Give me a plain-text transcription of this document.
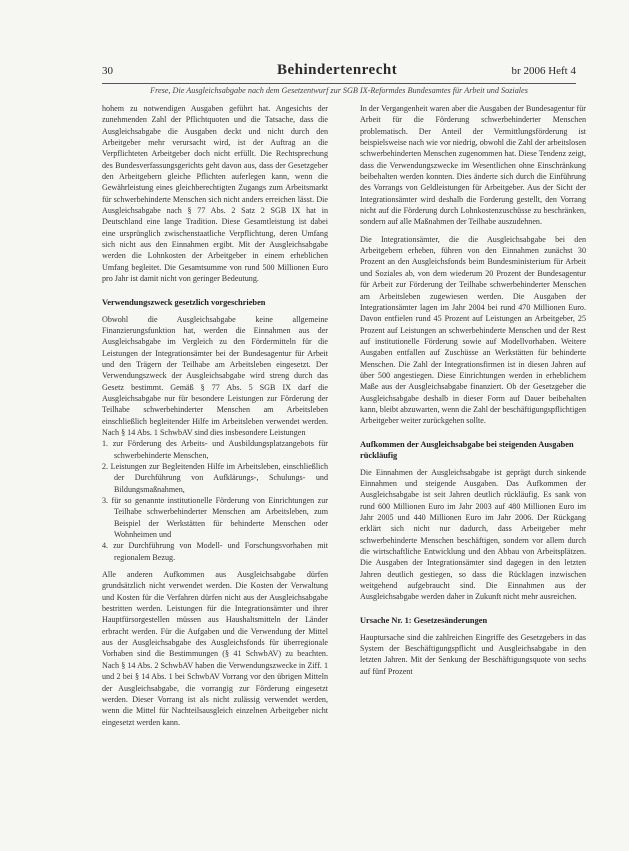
30	Behindertenrecht	br 2006 Heft 4
Frese, Die Ausgleichsabgabe nach dem Gesetzentwurf zur SGB IX-Reformdes Bundesamtes für Arbeit und Soziales

hohem zu notwendigen Ausgaben geführt hat. Angesichts der zunehmenden Zahl der Pflichtquoten und die Tatsache, dass die Ausgleichsabgabe die Ausgaben deckt und nicht durch den Arbeitgeber mehr verursacht wird, ist der Auftrag an die Verpflichteten Arbeitgeber doch nicht erfüllt. Die Rechtsprechung des Bundesverfassungsgerichts geht davon aus, dass der Gesetzgeber den Arbeitgebern gleiche Pflichten auferlegen kann, wenn die Gewährleistung eines gleichberechtigten Zugangs zum Arbeitsmarkt für schwerbehinderte Menschen sich nicht anders erreichen lässt. Die Ausgleichsabgabe nach § 77 Abs. 2 Satz 2 SGB IX hat in Deutschland eine lange Tradition. Diese Gesamtleistung ist dabei eine ursprünglich zwischenstaatliche Verpflichtung, deren Umfang sich nicht aus den Einnahmen ergibt. Mit der Ausgleichsabgabe werden die Lohnkosten der Arbeitgeber in einem erheblichen Umfang begleitet. Die Gesamtsumme von rund 500 Millionen Euro pro Jahr ist damit nicht von geringer Bedeutung.

Verwendungszweck gesetzlich vorgeschrieben

Obwohl die Ausgleichsabgabe keine allgemeine Finanzierungsfunktion hat, werden die Einnahmen aus der Ausgleichsabgabe im Vergleich zu den Fördermitteln für die Leistungen der Integrationsämter bei der Bundesagentur für Arbeit und den Trägern der Teilhabe am Arbeitsleben eingesetzt. Der Verwendungszweck der Ausgleichsabgabe wird streng durch das Gesetz bestimmt. Gemäß § 77 Abs. 5 SGB IX darf die Ausgleichsabgabe nur für besondere Leistungen zur Förderung der Teilhabe schwerbehinderter Menschen am Arbeitsleben einschließlich begleitender Hilfe im Arbeitsleben verwendet werden. Nach § 14 Abs. 1 SchwbAV sind dies insbesondere Leistungen

1. zur Förderung des Arbeits- und Ausbildungsplatzangebots für schwerbehinderte Menschen,
2. Leistungen zur Begleitenden Hilfe im Arbeitsleben, einschließlich der Durchführung von Aufklärungs-, Schulungs- und Bildungsmaßnahmen,
3. für so genannte institutionelle Förderung von Einrichtungen zur Teilhabe schwerbehinderter Menschen am Arbeitsleben, zum Beispiel der Werkstätten für behinderte Menschen oder Wohnheimen und
4. zur Durchführung von Modell- und Forschungsvorhaben mit regionalem Bezug.

Alle anderen Aufkommen aus Ausgleichsabgabe dürfen grundsätzlich nicht verwendet werden. Die Kosten der Verwaltung und Kosten für die Verfahren dürfen nicht aus der Ausgleichsabgabe bestritten werden. Leistungen für die Integrationsämter und ihrer Hauptfürsorgestellen müssen aus Haushaltsmitteln der Länder erbracht werden. Für die Aufgaben und die Verwendung der Mittel aus der Ausgleichsabgabe des Ausgleichsfonds für überregionale Vorhaben sind die Bestimmungen (§ 41 SchwbAV) zu beachten. Nach § 14 Abs. 2 SchwbAV haben die Verwendungszwecke in Ziff. 1 und 2 bei § 14 Abs. 1 bei SchwbAV Vorrang vor den übrigen Mitteln der Ausgleichsabgabe, die vorrangig zur Förderung eingesetzt werden. Dieser Vorrang ist als nicht zulässig verwendet werden, wenn die Mittel für Nachteilsausgleich einzelnen Arbeitgeber nicht eingesetzt werden kann.

In der Vergangenheit waren aber die Ausgaben der Bundesagentur für Arbeit für die Förderung schwerbehinderter Menschen problematisch. Der Anteil der Vermittlungsförderung ist beispielsweise nach wie vor niedrig, obwohl die Zahl der arbeitslosen schwerbehinderten Menschen zugenommen hat. Diese Tendenz zeigt, dass die Verwendungszwecke im Wesentlichen ohne Einschränkung beibehalten werden konnten. Dies änderte sich durch die Einführung des Vorrangs von Geldleistungen für Arbeitgeber. Aus der Sicht der Integrationsämter wird deshalb die Forderung gestellt, den Vorrang nicht auf die Förderung durch Lohnkostenzuschüsse zu beschränken, sondern auf alle Maßnahmen der Teilhabe auszudehnen.

Die Integrationsämter, die die Ausgleichsabgabe bei den Arbeitgebern erheben, führen von den Einnahmen zunächst 30 Prozent an den Ausgleichsfonds beim Bundesministerium für Arbeit und Soziales ab, von dem wiederum 20 Prozent der Bundesagentur für Arbeit zur Förderung der Teilhabe schwerbehinderter Menschen am Arbeitsleben zugewiesen werden. Die Ausgaben der Integrationsämter lagen im Jahr 2004 bei rund 470 Millionen Euro. Davon entfielen rund 45 Prozent auf Leistungen an Arbeitgeber, 25 Prozent auf Leistungen an schwerbehinderte Menschen und der Rest auf institutionelle Förderung sowie auf Modellvorhaben. Weitere Ausgaben entfallen auf Zuschüsse an Werkstätten für behinderte Menschen. Die Zahl der Integrationsfirmen ist in diesen Jahren auf über 500 angestiegen. Diese Einrichtungen werden in erheblichem Maße aus der Ausgleichsabgabe finanziert. Ob der Gesetzgeber die Ausgleichsabgabe deshalb in dieser Form auf Dauer beibehalten kann, bleibt abzuwarten, wenn die Zahl der beschäftigungspflichtigen Arbeitgeber weiter zurückgehen sollte.

Aufkommen der Ausgleichsabgabe bei steigenden Ausgaben rückläufig

Die Einnahmen der Ausgleichsabgabe ist geprägt durch sinkende Einnahmen und steigende Ausgaben. Das Aufkommen der Ausgleichsabgabe ist seit Jahren deutlich rückläufig. Es sank von rund 600 Millionen Euro im Jahr 2003 auf 480 Millionen Euro im Jahr 2005 und 440 Millionen Euro im Jahr 2006. Der Rückgang erklärt sich nicht nur dadurch, dass Arbeitgeber mehr schwerbehinderte Menschen beschäftigen, sondern vor allem durch die wirtschaftliche Entwicklung und den Abbau von Arbeitsplätzen. Die Ausgaben der Integrationsämter sind dagegen in den letzten Jahren deutlich gestiegen, so dass die Rücklagen inzwischen weitgehend aufgebraucht sind. Die Einnahmen aus der Ausgleichsabgabe werden daher in Zukunft nicht mehr ausreichen.

Ursache Nr. 1: Gesetzesänderungen

Hauptursache sind die zahlreichen Eingriffe des Gesetzgebers in das System der Beschäftigungspflicht und Ausgleichsabgabe in den letzten Jahren. Mit der Senkung der Beschäftigungsquote von sechs auf fünf Prozent
